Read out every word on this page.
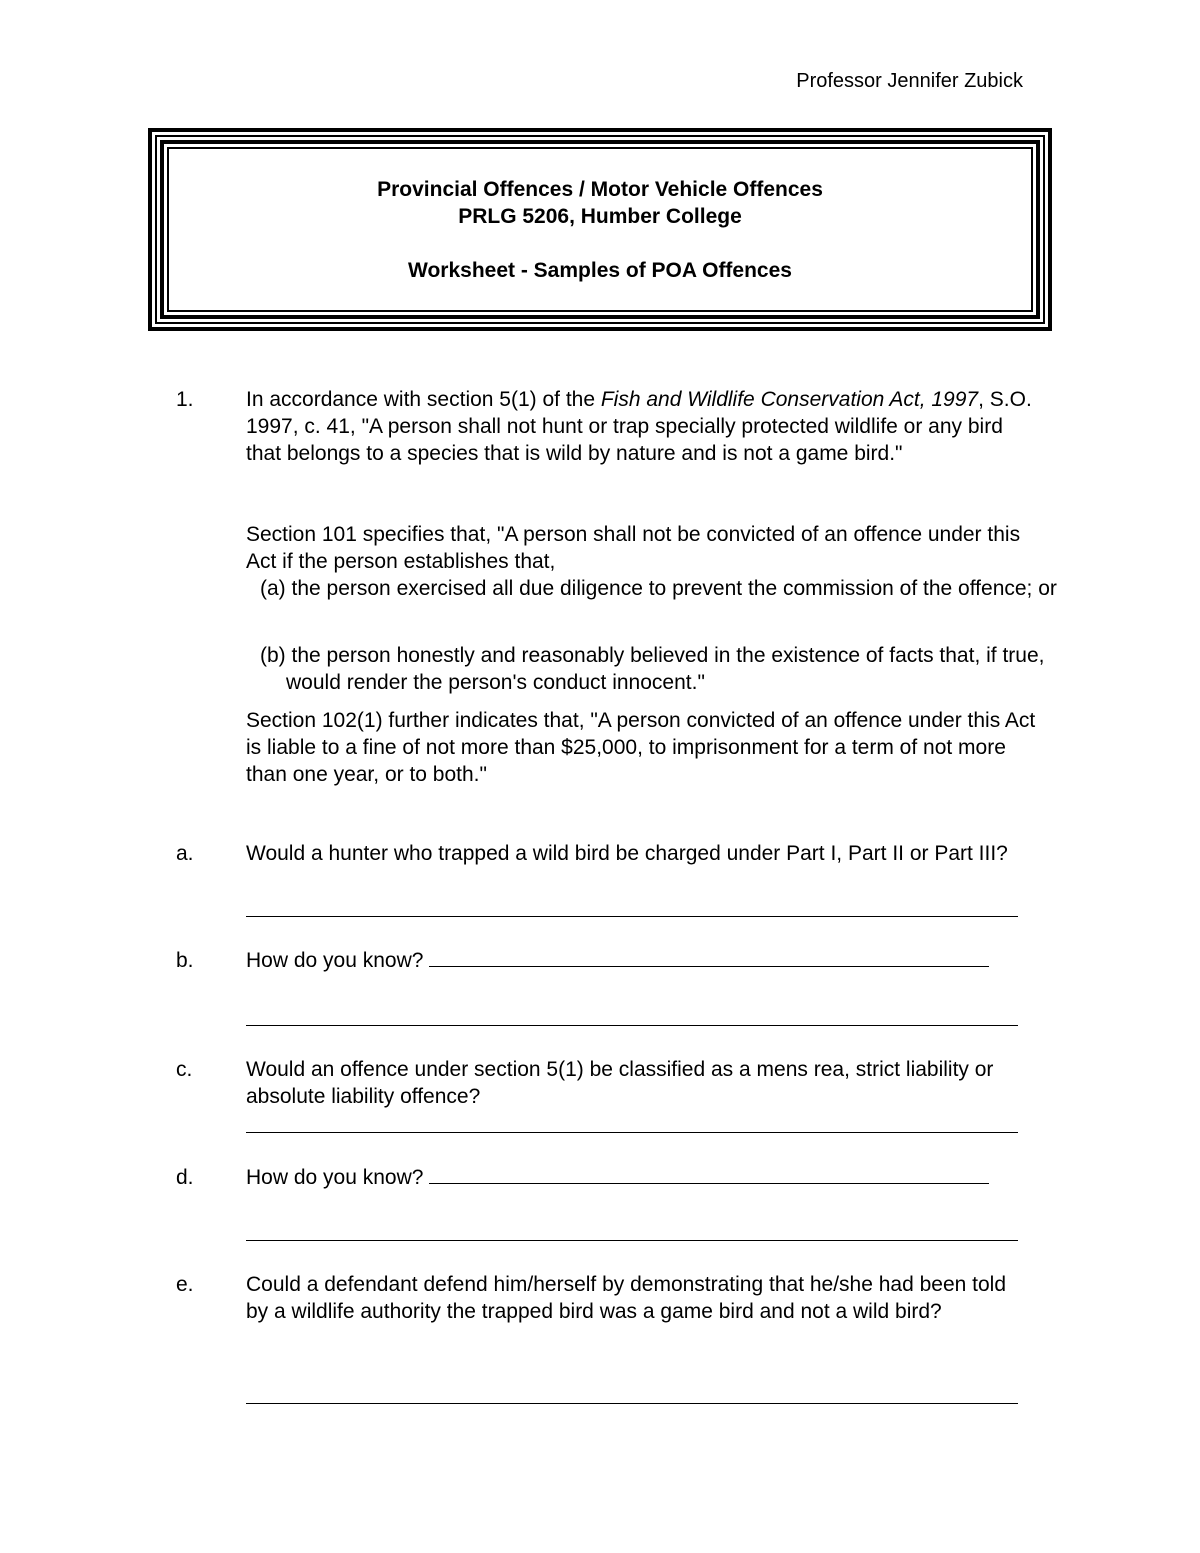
Professor Jennifer Zubick
Provincial Offences / Motor Vehicle Offences
PRLG 5206, Humber College
Worksheet - Samples of POA Offences
1. In accordance with section 5(1) of the Fish and Wildlife Conservation Act, 1997, S.O. 1997, c. 41, "A person shall not hunt or trap specially protected wildlife or any bird that belongs to a species that is wild by nature and is not a game bird."
Section 101 specifies that, "A person shall not be convicted of an offence under this Act if the person establishes that,
(a) the person exercised all due diligence to prevent the commission of the offence; or
(b) the person honestly and reasonably believed in the existence of facts that, if true, would render the person's conduct innocent."
Section 102(1) further indicates that, "A person convicted of an offence under this Act is liable to a fine of not more than $25,000, to imprisonment for a term of not more than one year, or to both."
a. Would a hunter who trapped a wild bird be charged under Part I, Part II or Part III?
b. How do you know?
c.	Would an offence under section 5(1) be classified as a mens rea, strict liability or absolute liability offence?
d. How do you know?
e. Could a defendant defend him/herself by demonstrating that he/she had been told by a wildlife authority the trapped bird was a game bird and not a wild bird?
